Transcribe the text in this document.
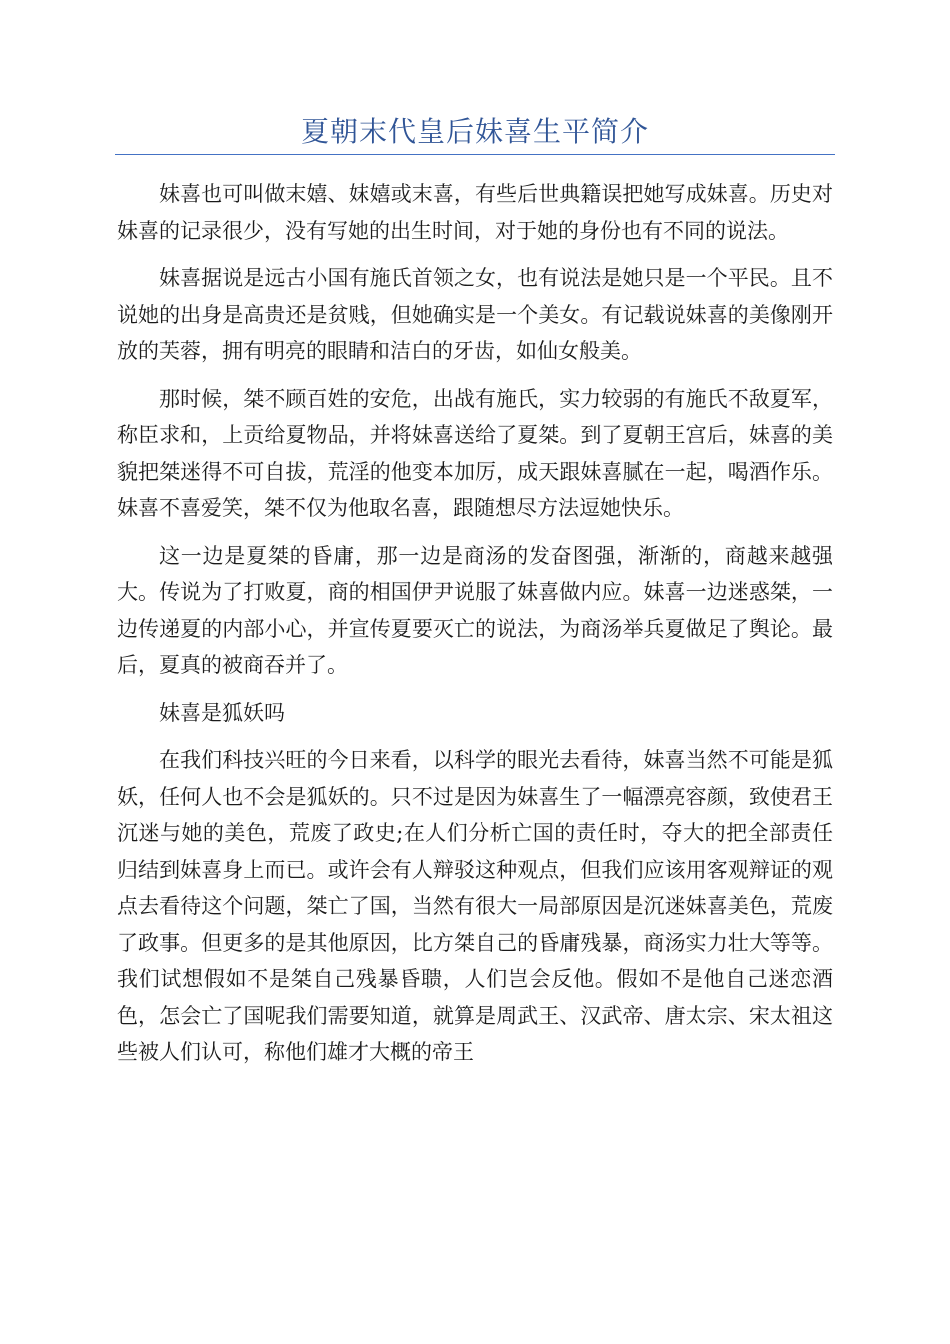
夏朝末代皇后妹喜生平简介

妹喜也可叫做末嬉、妺嬉或末喜，有些后世典籍误把她写成妹喜。历史对妹喜的记录很少，没有写她的出生时间，对于她的身份也有不同的说法。

妹喜据说是远古小国有施氏首领之女，也有说法是她只是一个平民。且不说她的出身是高贵还是贫贱，但她确实是一个美女。有记载说妹喜的美像刚开放的芙蓉，拥有明亮的眼睛和洁白的牙齿，如仙女般美。

那时候，桀不顾百姓的安危，出战有施氏，实力较弱的有施氏不敌夏军，称臣求和，上贡给夏物品，并将妹喜送给了夏桀。到了夏朝王宫后，妹喜的美貌把桀迷得不可自拔，荒淫的他变本加厉，成天跟妹喜腻在一起，喝酒作乐。妹喜不喜爱笑，桀不仅为他取名喜，跟随想尽方法逗她快乐。

这一边是夏桀的昏庸，那一边是商汤的发奋图强，渐渐的，商越来越强大。传说为了打败夏，商的相国伊尹说服了妹喜做内应。妹喜一边迷惑桀，一边传递夏的内部小心，并宣传夏要灭亡的说法，为商汤举兵夏做足了舆论。最后，夏真的被商吞并了。

妹喜是狐妖吗

在我们科技兴旺的今日来看，以科学的眼光去看待，妹喜当然不可能是狐妖，任何人也不会是狐妖的。只不过是因为妹喜生了一幅漂亮容颜，致使君王沉迷与她的美色，荒废了政史;在人们分析亡国的责任时，夺大的把全部责任归结到妹喜身上而已。或许会有人辩驳这种观点，但我们应该用客观辩证的观点去看待这个问题，桀亡了国，当然有很大一局部原因是沉迷妹喜美色，荒废了政事。但更多的是其他原因，比方桀自己的昏庸残暴，商汤实力壮大等等。我们试想假如不是桀自己残暴昏聩，人们岂会反他。假如不是他自己迷恋酒色，怎会亡了国呢我们需要知道，就算是周武王、汉武帝、唐太宗、宋太祖这些被人们认可，称他们雄才大概的帝王
